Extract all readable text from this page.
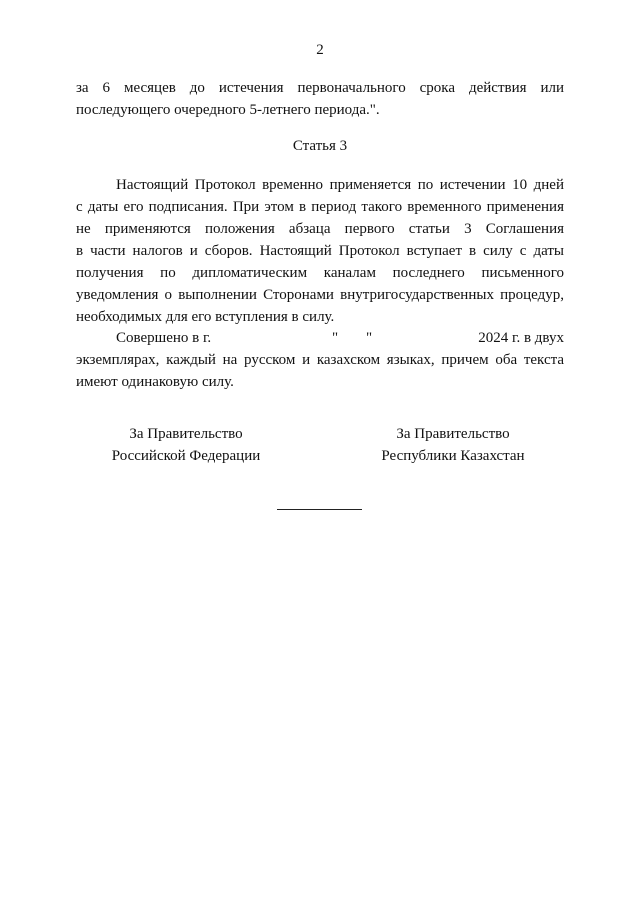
2
за 6 месяцев до истечения первоначального срока действия или
последующего очередного 5-летнего периода.".
Статья 3
Настоящий Протокол временно применяется по истечении 10 дней
с даты его подписания. При этом в период такого временного применения
не применяются положения абзаца первого статьи 3 Соглашения
в части налогов и сборов. Настоящий Протокол вступает в силу с даты
получения по дипломатическим каналам последнего письменного
уведомления о выполнении Сторонами внутригосударственных процедур,
необходимых для его вступления в силу.
Совершено в г.	" "	2024 г. в двух
экземплярах, каждый на русском и казахском языках, причем оба текста
имеют одинаковую силу.
За Правительство
Российской Федерации
За Правительство
Республики Казахстан
